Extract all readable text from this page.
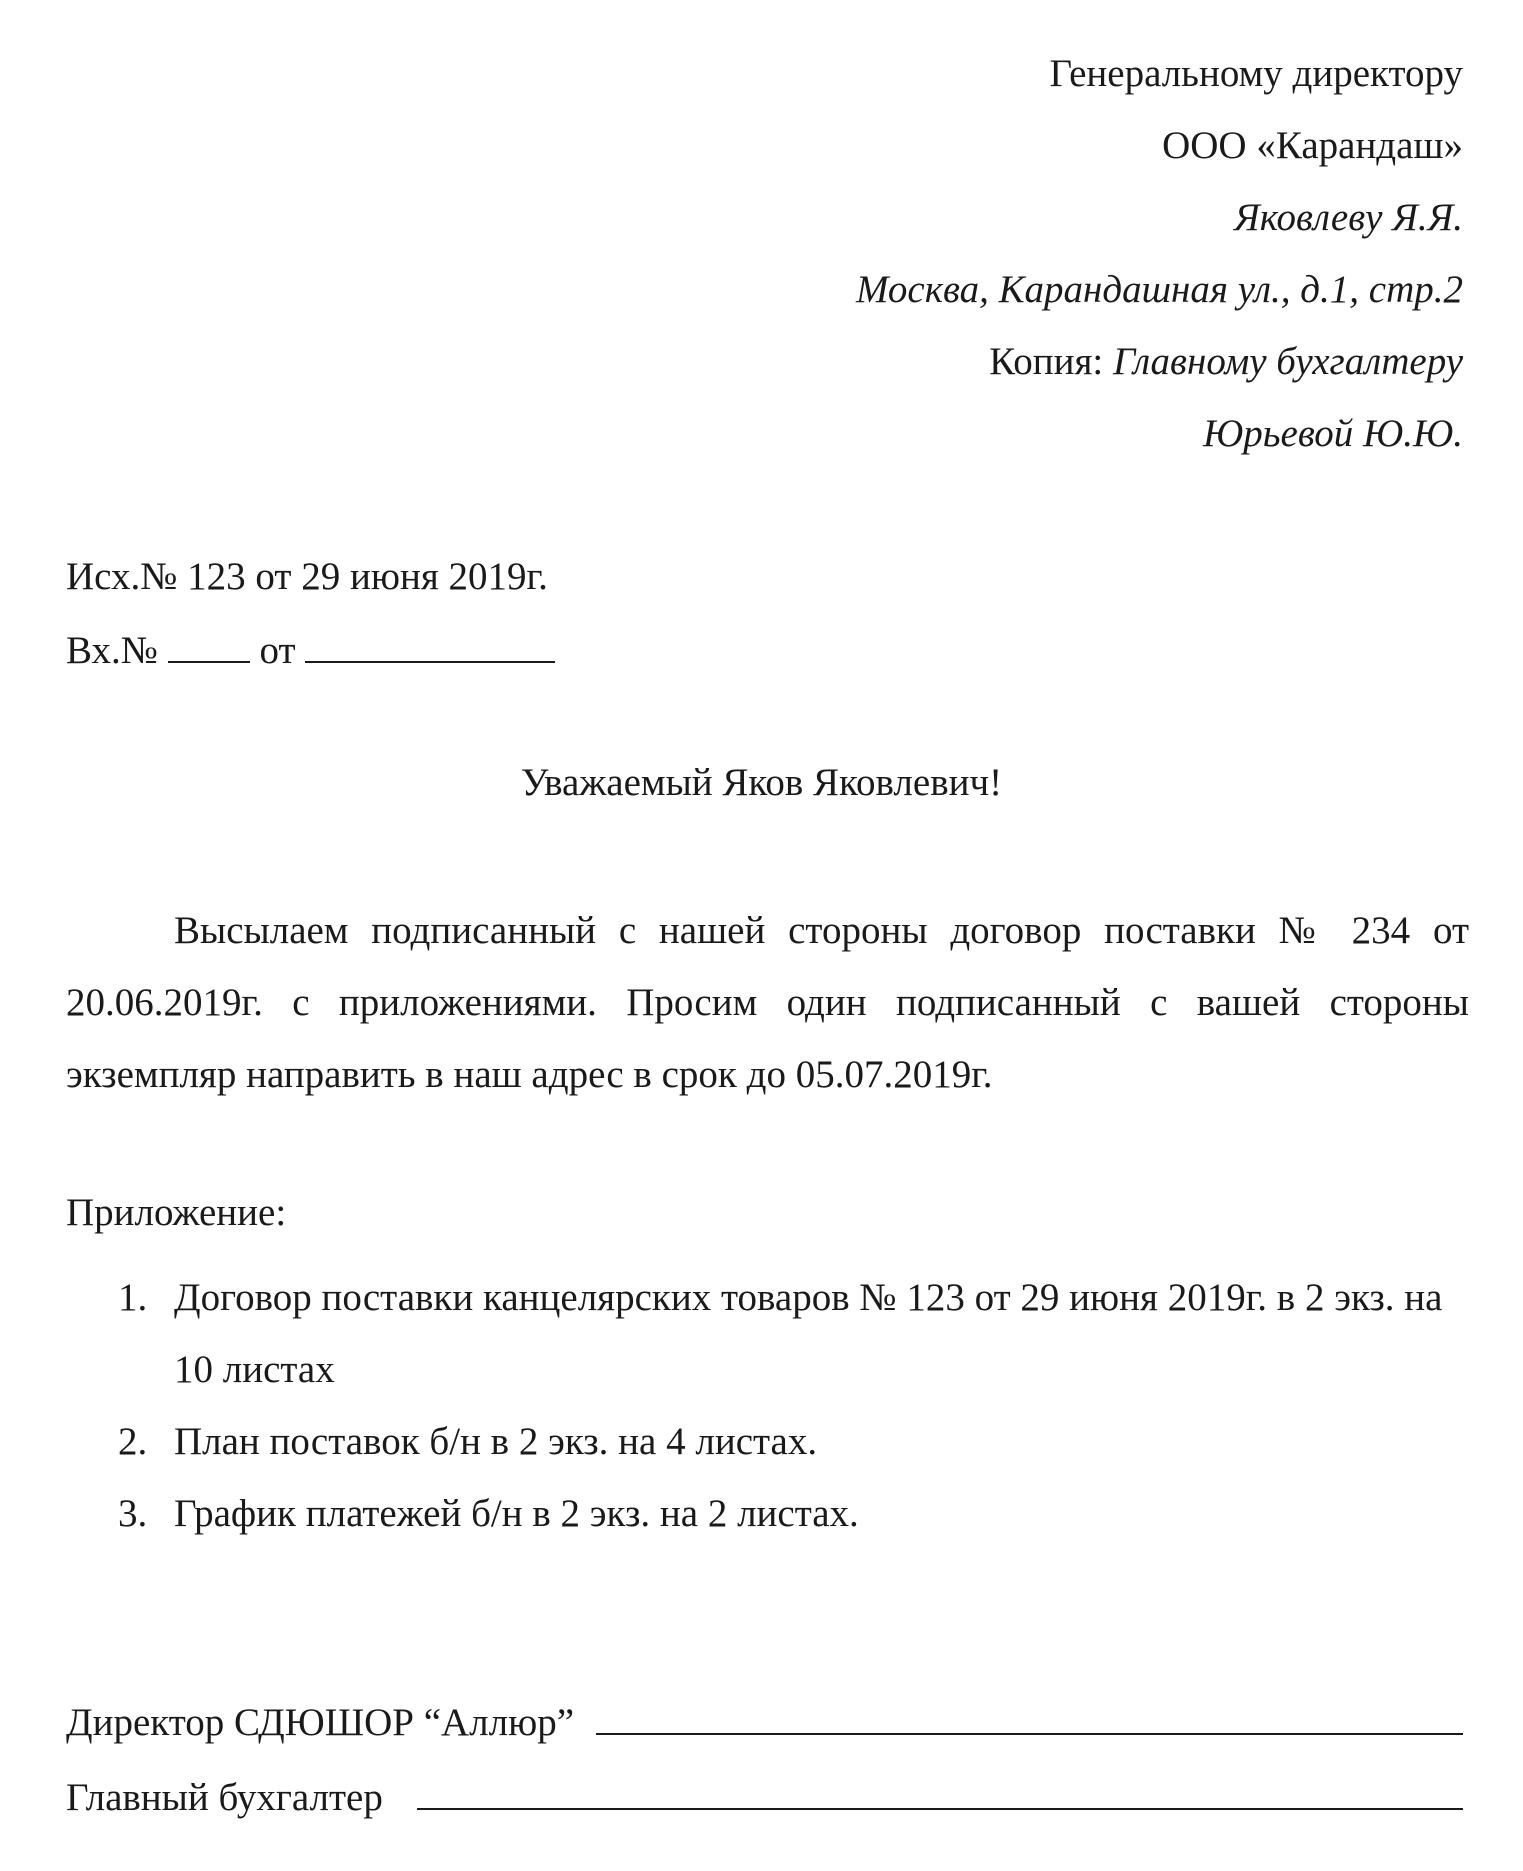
Генеральному директору
ООО «Карандаш»
Яковлеву Я.Я.
Москва, Карандашная ул., д.1, стр.2
Копия: Главному бухгалтеру
Юрьевой Ю.Ю.
Исх.№ 123 от 29 июня 2019г.
Вх.№	от
Уважаемый Яков Яковлевич!
Высылаем подписанный с нашей стороны договор поставки № 234 от 20.06.2019г. с приложениями. Просим один подписанный с вашей стороны экземпляр направить в наш адрес в срок до 05.07.2019г.
Приложение:
1. Договор поставки канцелярских товаров № 123 от 29 июня 2019г. в 2 экз. на 10 листах
2. План поставок б/н в 2 экз. на 4 листах.
3. График платежей б/н в 2 экз. на 2 листах.
Директор СДЮШОР “Аллюр”
Главный бухгалтер
